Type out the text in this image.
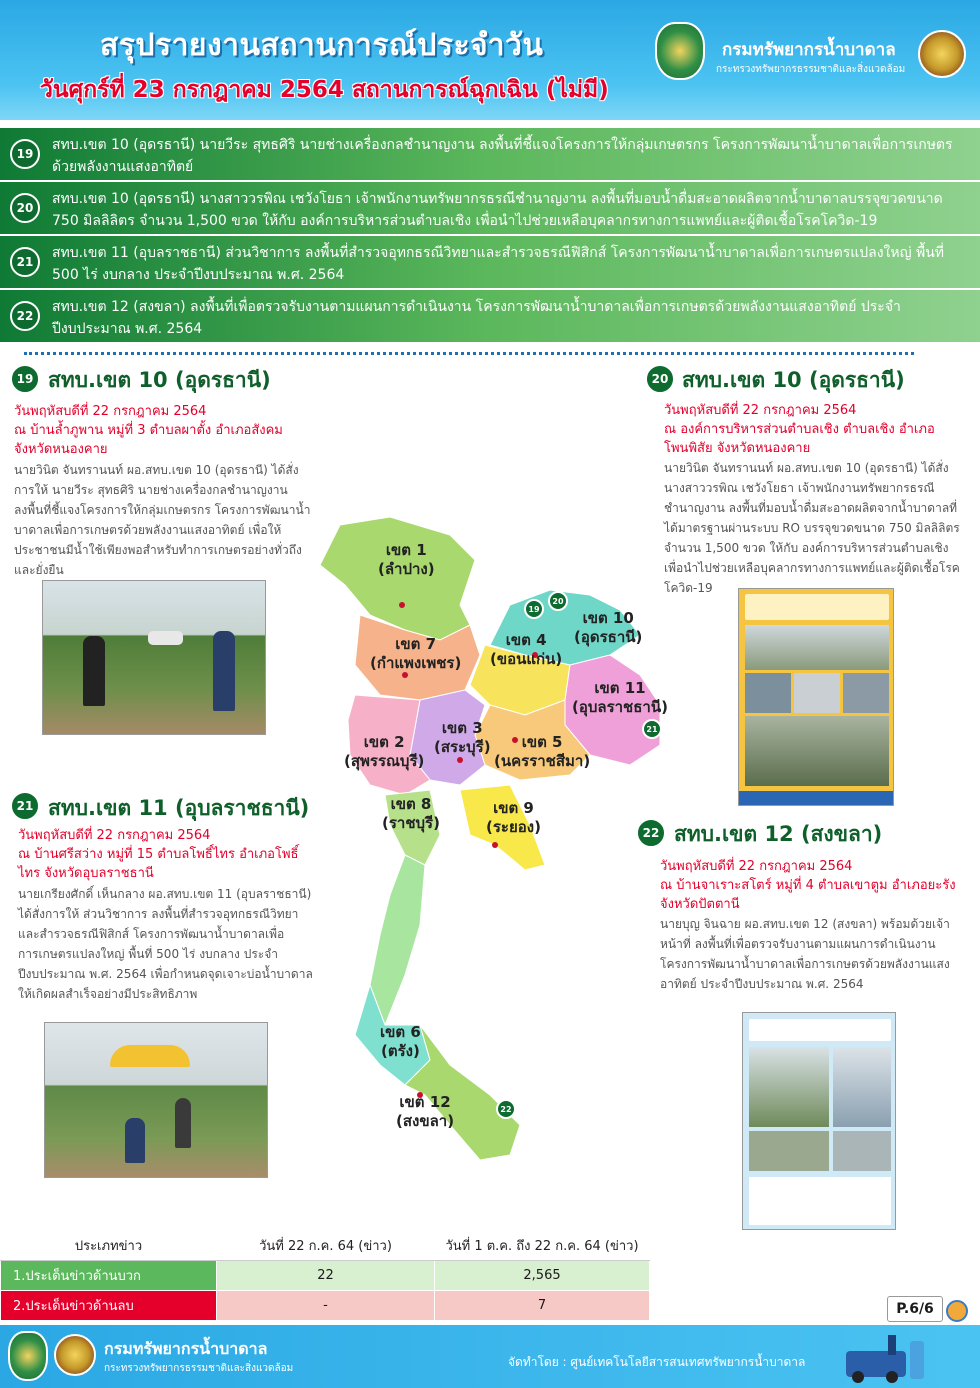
สรุปรายงานสถานการณ์ประจำวัน
วันศุกร์ที่ 23 กรกฎาคม 2564 สถานการณ์ฉุกเฉิน (ไม่มี)
กรมทรัพยากรน้ำบาดาล
กระทรวงทรัพยากรธรรมชาติและสิ่งแวดล้อม
19
สทบ.เขต 10 (อุดรธานี) นายวีระ สุทธศิริ นายช่างเครื่องกลชำนาญงาน ลงพื้นที่ชี้แจงโครงการให้กลุ่มเกษตรกร โครงการพัฒนาน้ำบาดาลเพื่อการเกษตรด้วยพลังงานแสงอาทิตย์
20
สทบ.เขต 10 (อุดรธานี) นางสาววรพิณ เชวังโยธา เจ้าพนักงานทรัพยากรธรณีชำนาญงาน ลงพื้นที่มอบน้ำดื่มสะอาดผลิตจากน้ำบาดาลบรรจุขวดขนาด 750 มิลลิลิตร จำนวน 1,500 ขวด ให้กับ องค์การบริหารส่วนตำบลเชิง เพื่อนำไปช่วยเหลือบุคลากรทางการแพทย์และผู้ติดเชื้อโรคโควิด-19
21
สทบ.เขต 11 (อุบลราชธานี) ส่วนวิชาการ ลงพื้นที่สำรวจอุทกธรณีวิทยาและสำรวจธรณีฟิสิกส์ โครงการพัฒนาน้ำบาดาลเพื่อการเกษตรแปลงใหญ่ พื้นที่ 500 ไร่ งบกลาง ประจำปีงบประมาณ พ.ศ. 2564
22
สทบ.เขต 12 (สงขลา) ลงพื้นที่เพื่อตรวจรับงานตามแผนการดำเนินงาน โครงการพัฒนาน้ำบาดาลเพื่อการเกษตรด้วยพลังงานแสงอาทิตย์ ประจำปีงบประมาณ พ.ศ. 2564
19 สทบ.เขต 10 (อุดรธานี)
วันพฤหัสบดีที่ 22 กรกฎาคม 2564
ณ บ้านล้ำภูพาน หมู่ที่ 3 ตำบลผาตั้ง อำเภอสังคม จังหวัดหนองคาย
นายวินิต จันทรานนท์ ผอ.สทบ.เขต 10 (อุดรธานี) ได้สั่งการให้ นายวีระ สุทธศิริ นายช่างเครื่องกลชำนาญงาน ลงพื้นที่ชี้แจงโครงการให้กลุ่มเกษตรกร โครงการพัฒนาน้ำบาดาลเพื่อการเกษตรด้วยพลังงานแสงอาทิตย์ เพื่อให้ประชาชนมีน้ำใช้เพียงพอสำหรับทำการเกษตรอย่างทั่วถึงและยั่งยืน
20 สทบ.เขต 10 (อุดรธานี)
วันพฤหัสบดีที่ 22 กรกฎาคม 2564
ณ องค์การบริหารส่วนตำบลเชิง ตำบลเชิง อำเภอโพนพิสัย จังหวัดหนองคาย
นายวินิต จันทรานนท์ ผอ.สทบ.เขต 10 (อุดรธานี) ได้สั่ง นางสาววรพิณ เชวังโยธา เจ้าพนักงานทรัพยากรธรณีชำนาญงาน ลงพื้นที่มอบน้ำดื่มสะอาดผลิตจากน้ำบาดาลที่ได้มาตรฐานผ่านระบบ RO บรรจุขวดขนาด 750 มิลลิลิตร จำนวน 1,500 ขวด ให้กับ องค์การบริหารส่วนตำบลเชิง เพื่อนำไปช่วยเหลือบุคลากรทางการแพทย์และผู้ติดเชื้อโรคโควิด-19
เขต 1
(ลำปาง)
เขต 7
(กำแพงเพชร)
เขต 4
(ขอนแก่น)
เขต 10
(อุดรธานี)
เขต 11
(อุบลราชธานี)
เขต 3
(สระบุรี)
เขต 2
(สุพรรณบุรี)
เขต 5
(นครราชสีมา)
เขต 8
(ราชบุรี)
เขต 9
(ระยอง)
เขต 6
(ตรัง)
เขต 12
(สงขลา)
19
20
21
22
21 สทบ.เขต 11 (อุบลราชธานี)
วันพฤหัสบดีที่ 22 กรกฎาคม 2564
ณ บ้านศรีสว่าง หมู่ที่ 15 ตำบลโพธิ์ไทร อำเภอโพธิ์ไทร จังหวัดอุบลราชธานี
นายเกรียงศักดิ์ เห็นกลาง ผอ.สทบ.เขต 11 (อุบลราชธานี) ได้สั่งการให้ ส่วนวิชาการ ลงพื้นที่สำรวจอุทกธรณีวิทยาและสำรวจธรณีฟิสิกส์ โครงการพัฒนาน้ำบาดาลเพื่อการเกษตรแปลงใหญ่ พื้นที่ 500 ไร่ งบกลาง ประจำปีงบประมาณ พ.ศ. 2564 เพื่อกำหนดจุดเจาะบ่อน้ำบาดาลให้เกิดผลสำเร็จอย่างมีประสิทธิภาพ
22 สทบ.เขต 12 (สงขลา)
วันพฤหัสบดีที่ 22 กรกฎาคม 2564
ณ บ้านจาเราะสโตร์ หมู่ที่ 4 ตำบลเขาตูม อำเภอยะรัง จังหวัดปัตตานี
นายบุญ จินฉาย ผอ.สทบ.เขต 12 (สงขลา) พร้อมด้วยเจ้าหน้าที่ ลงพื้นที่เพื่อตรวจรับงานตามแผนการดำเนินงาน โครงการพัฒนาน้ำบาดาลเพื่อการเกษตรด้วยพลังงานแสงอาทิตย์ ประจำปีงบประมาณ พ.ศ. 2564
ประเภทข่าว	วันที่ 22 ก.ค. 64 (ข่าว)	วันที่ 1 ต.ค. ถึง 22 ก.ค. 64 (ข่าว)
1.ประเด็นข่าวด้านบวก	22	2,565
2.ประเด็นข่าวด้านลบ	-	7	P.6/6
กรมทรัพยากรน้ำบาดาล
กระทรวงทรัพยากรธรรมชาติและสิ่งแวดล้อม	จัดทำโดย : ศูนย์เทคโนโลยีสารสนเทศทรัพยากรน้ำบาดาล
